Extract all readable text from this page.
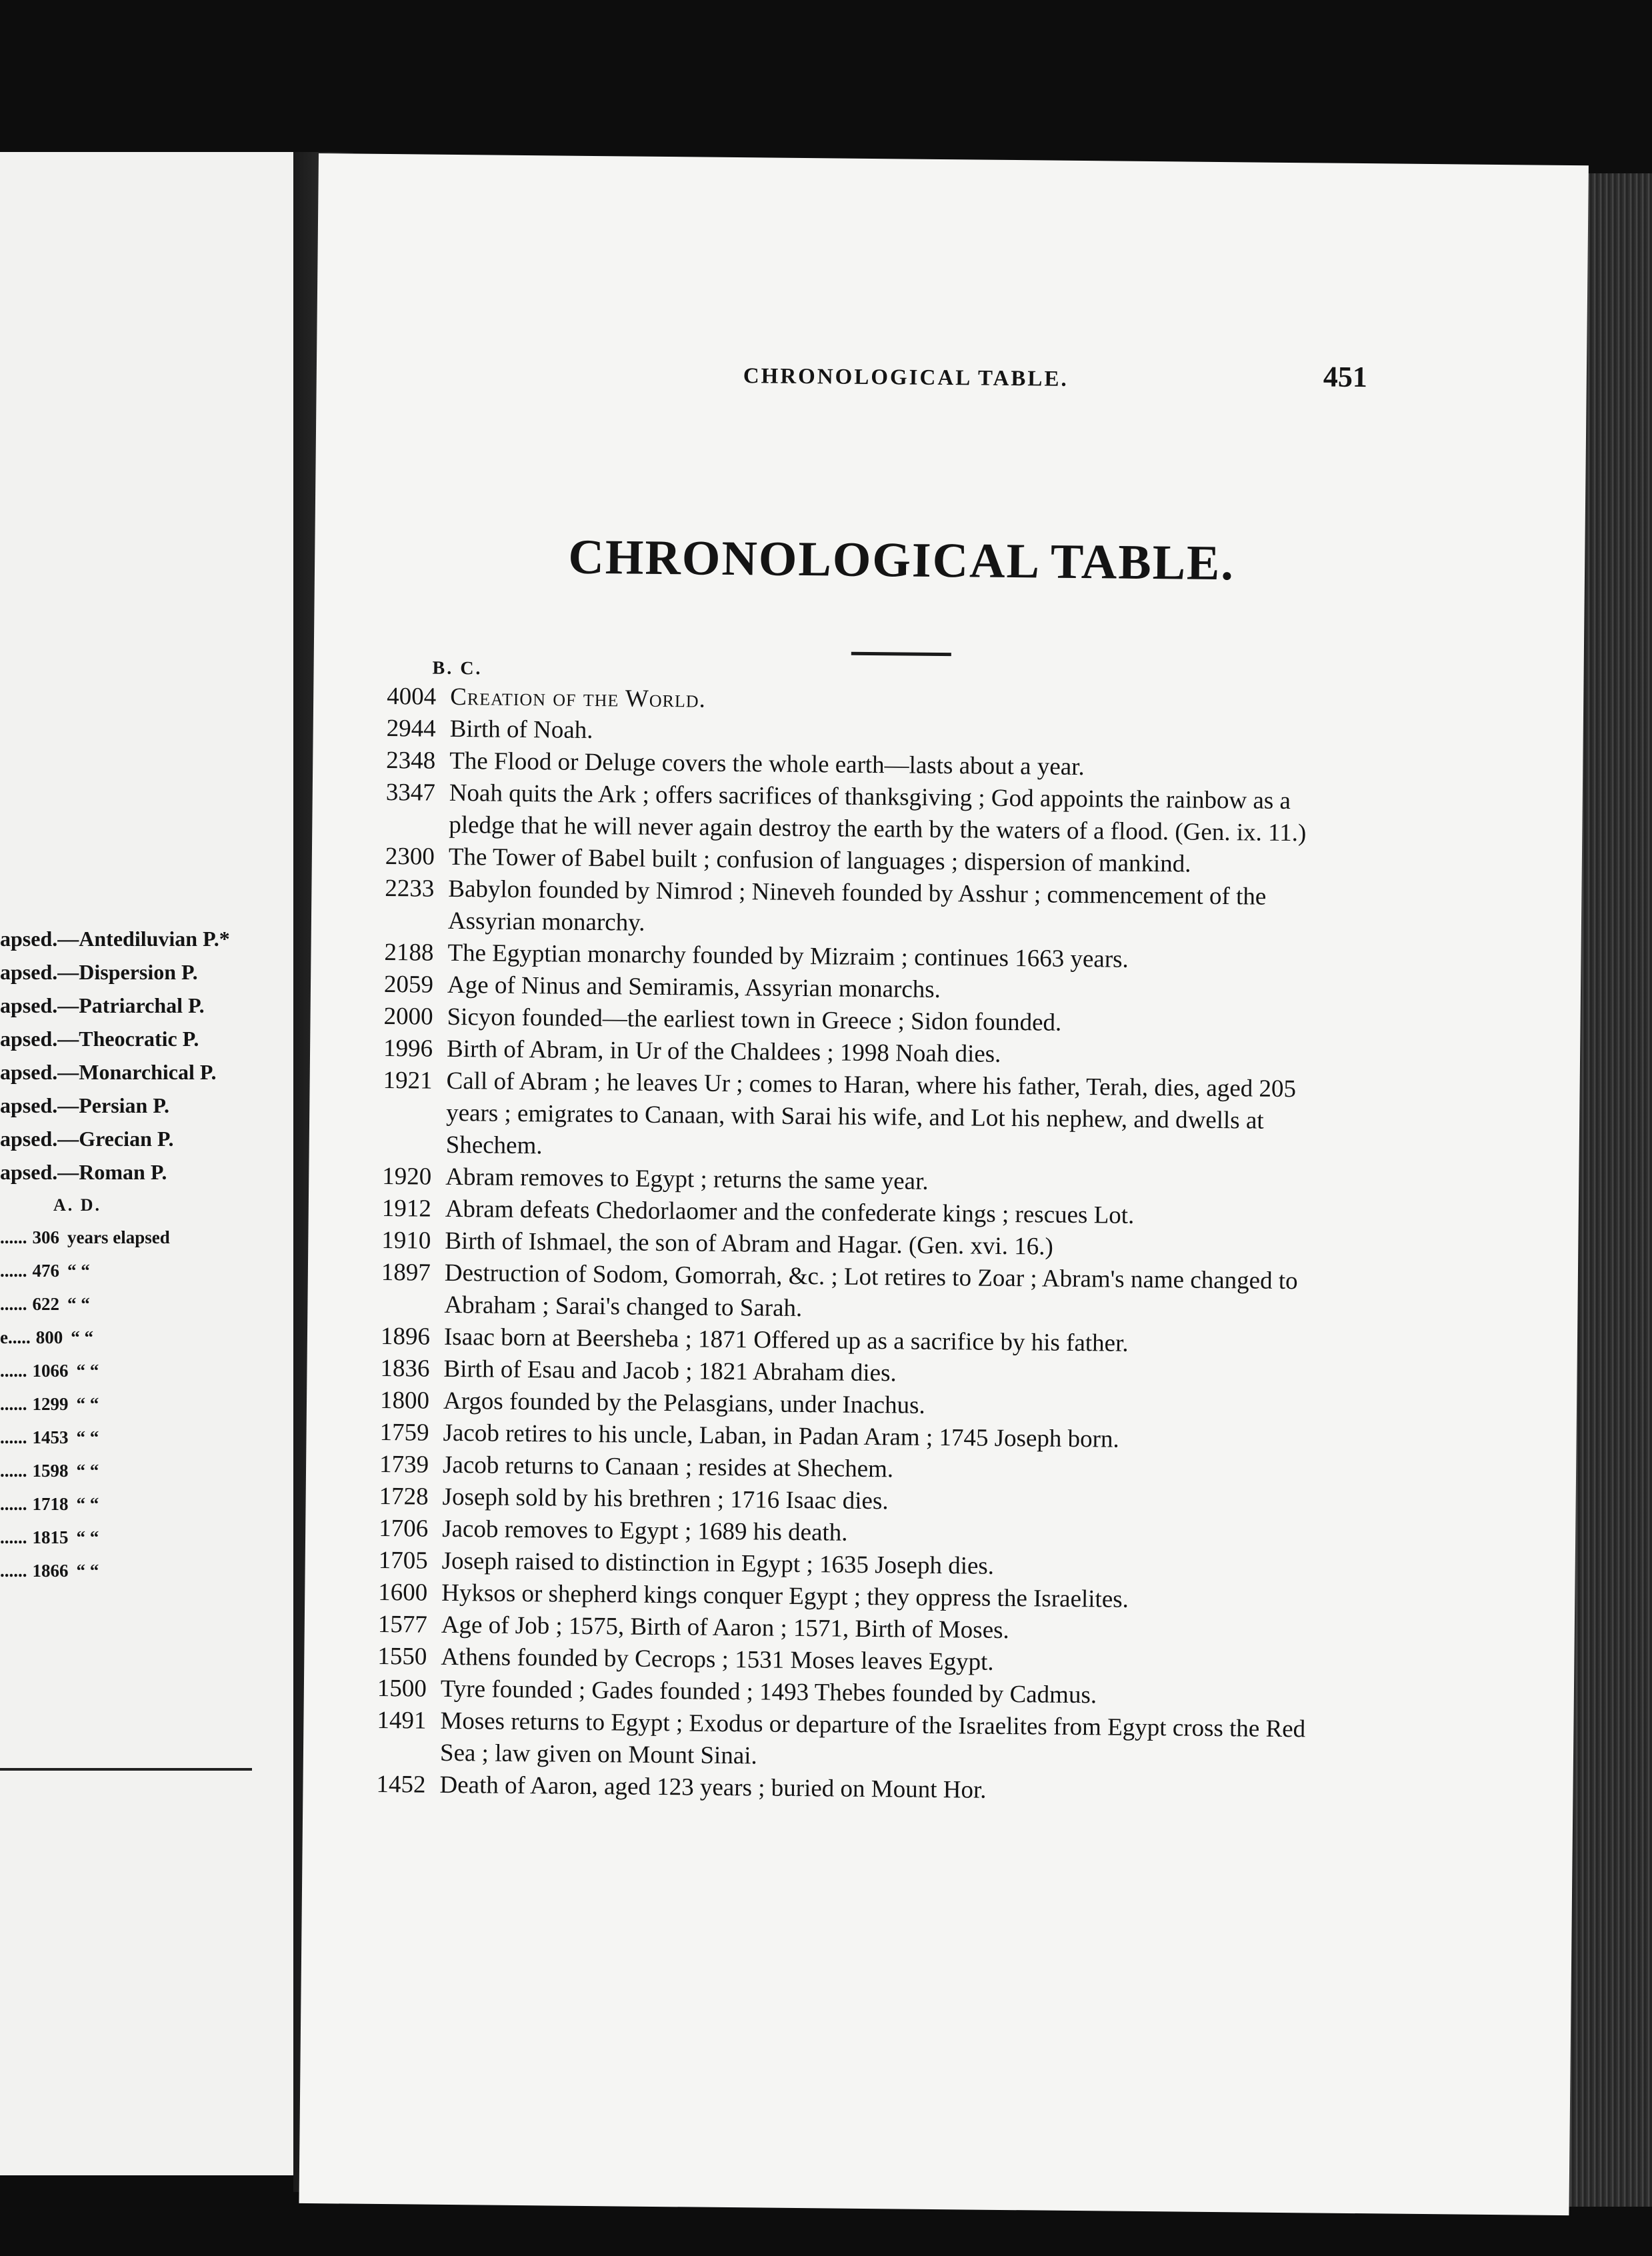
apsed.—Antediluvian P.*
apsed.—Dispersion P.
apsed.—Patriarchal P.
apsed.—Theocratic P.
apsed.—Monarchical P.
apsed.—Persian P.
apsed.—Grecian P.
apsed.—Roman P.
A. D.
...... 306 years elapsed
...... 476 “ “
...... 622 “ “
e..... 800 “ “
...... 1066 “ “
...... 1299 “ “
...... 1453 “ “
...... 1598 “ “
...... 1718 “ “
...... 1815 “ “
...... 1866 “ “
CHRONOLOGICAL TABLE.	451
CHRONOLOGICAL TABLE.
B. C.
4004 Creation of the World.
2944 Birth of Noah.
2348 The Flood or Deluge covers the whole earth—lasts about a year.
3347 Noah quits the Ark ; offers sacrifices of thanksgiving ; God appoints the rainbow as a pledge that he will never again destroy the earth by the waters of a flood. (Gen. ix. 11.)
2300 The Tower of Babel built ; confusion of languages ; dispersion of mankind.
2233 Babylon founded by Nimrod ; Nineveh founded by Asshur ; commencement of the Assyrian monarchy.
2188 The Egyptian monarchy founded by Mizraim ; continues 1663 years.
2059 Age of Ninus and Semiramis, Assyrian monarchs.
2000 Sicyon founded—the earliest town in Greece ; Sidon founded.
1996 Birth of Abram, in Ur of the Chaldees ; 1998 Noah dies.
1921 Call of Abram ; he leaves Ur ; comes to Haran, where his father, Terah, dies, aged 205 years ; emigrates to Canaan, with Sarai his wife, and Lot his nephew, and dwells at Shechem.
1920 Abram removes to Egypt ; returns the same year.
1912 Abram defeats Chedorlaomer and the confederate kings ; rescues Lot.
1910 Birth of Ishmael, the son of Abram and Hagar. (Gen. xvi. 16.)
1897 Destruction of Sodom, Gomorrah, &c. ; Lot retires to Zoar ; Abram's name changed to Abraham ; Sarai's changed to Sarah.
1896 Isaac born at Beersheba ; 1871 Offered up as a sacrifice by his father.
1836 Birth of Esau and Jacob ; 1821 Abraham dies.
1800 Argos founded by the Pelasgians, under Inachus.
1759 Jacob retires to his uncle, Laban, in Padan Aram ; 1745 Joseph born.
1739 Jacob returns to Canaan ; resides at Shechem.
1728 Joseph sold by his brethren ; 1716 Isaac dies.
1706 Jacob removes to Egypt ; 1689 his death.
1705 Joseph raised to distinction in Egypt ; 1635 Joseph dies.
1600 Hyksos or shepherd kings conquer Egypt ; they oppress the Israelites.
1577 Age of Job ; 1575, Birth of Aaron ; 1571, Birth of Moses.
1550 Athens founded by Cecrops ; 1531 Moses leaves Egypt.
1500 Tyre founded ; Gades founded ; 1493 Thebes founded by Cadmus.
1491 Moses returns to Egypt ; Exodus or departure of the Israelites from Egypt cross the Red Sea ; law given on Mount Sinai.
1452 Death of Aaron, aged 123 years ; buried on Mount Hor.
